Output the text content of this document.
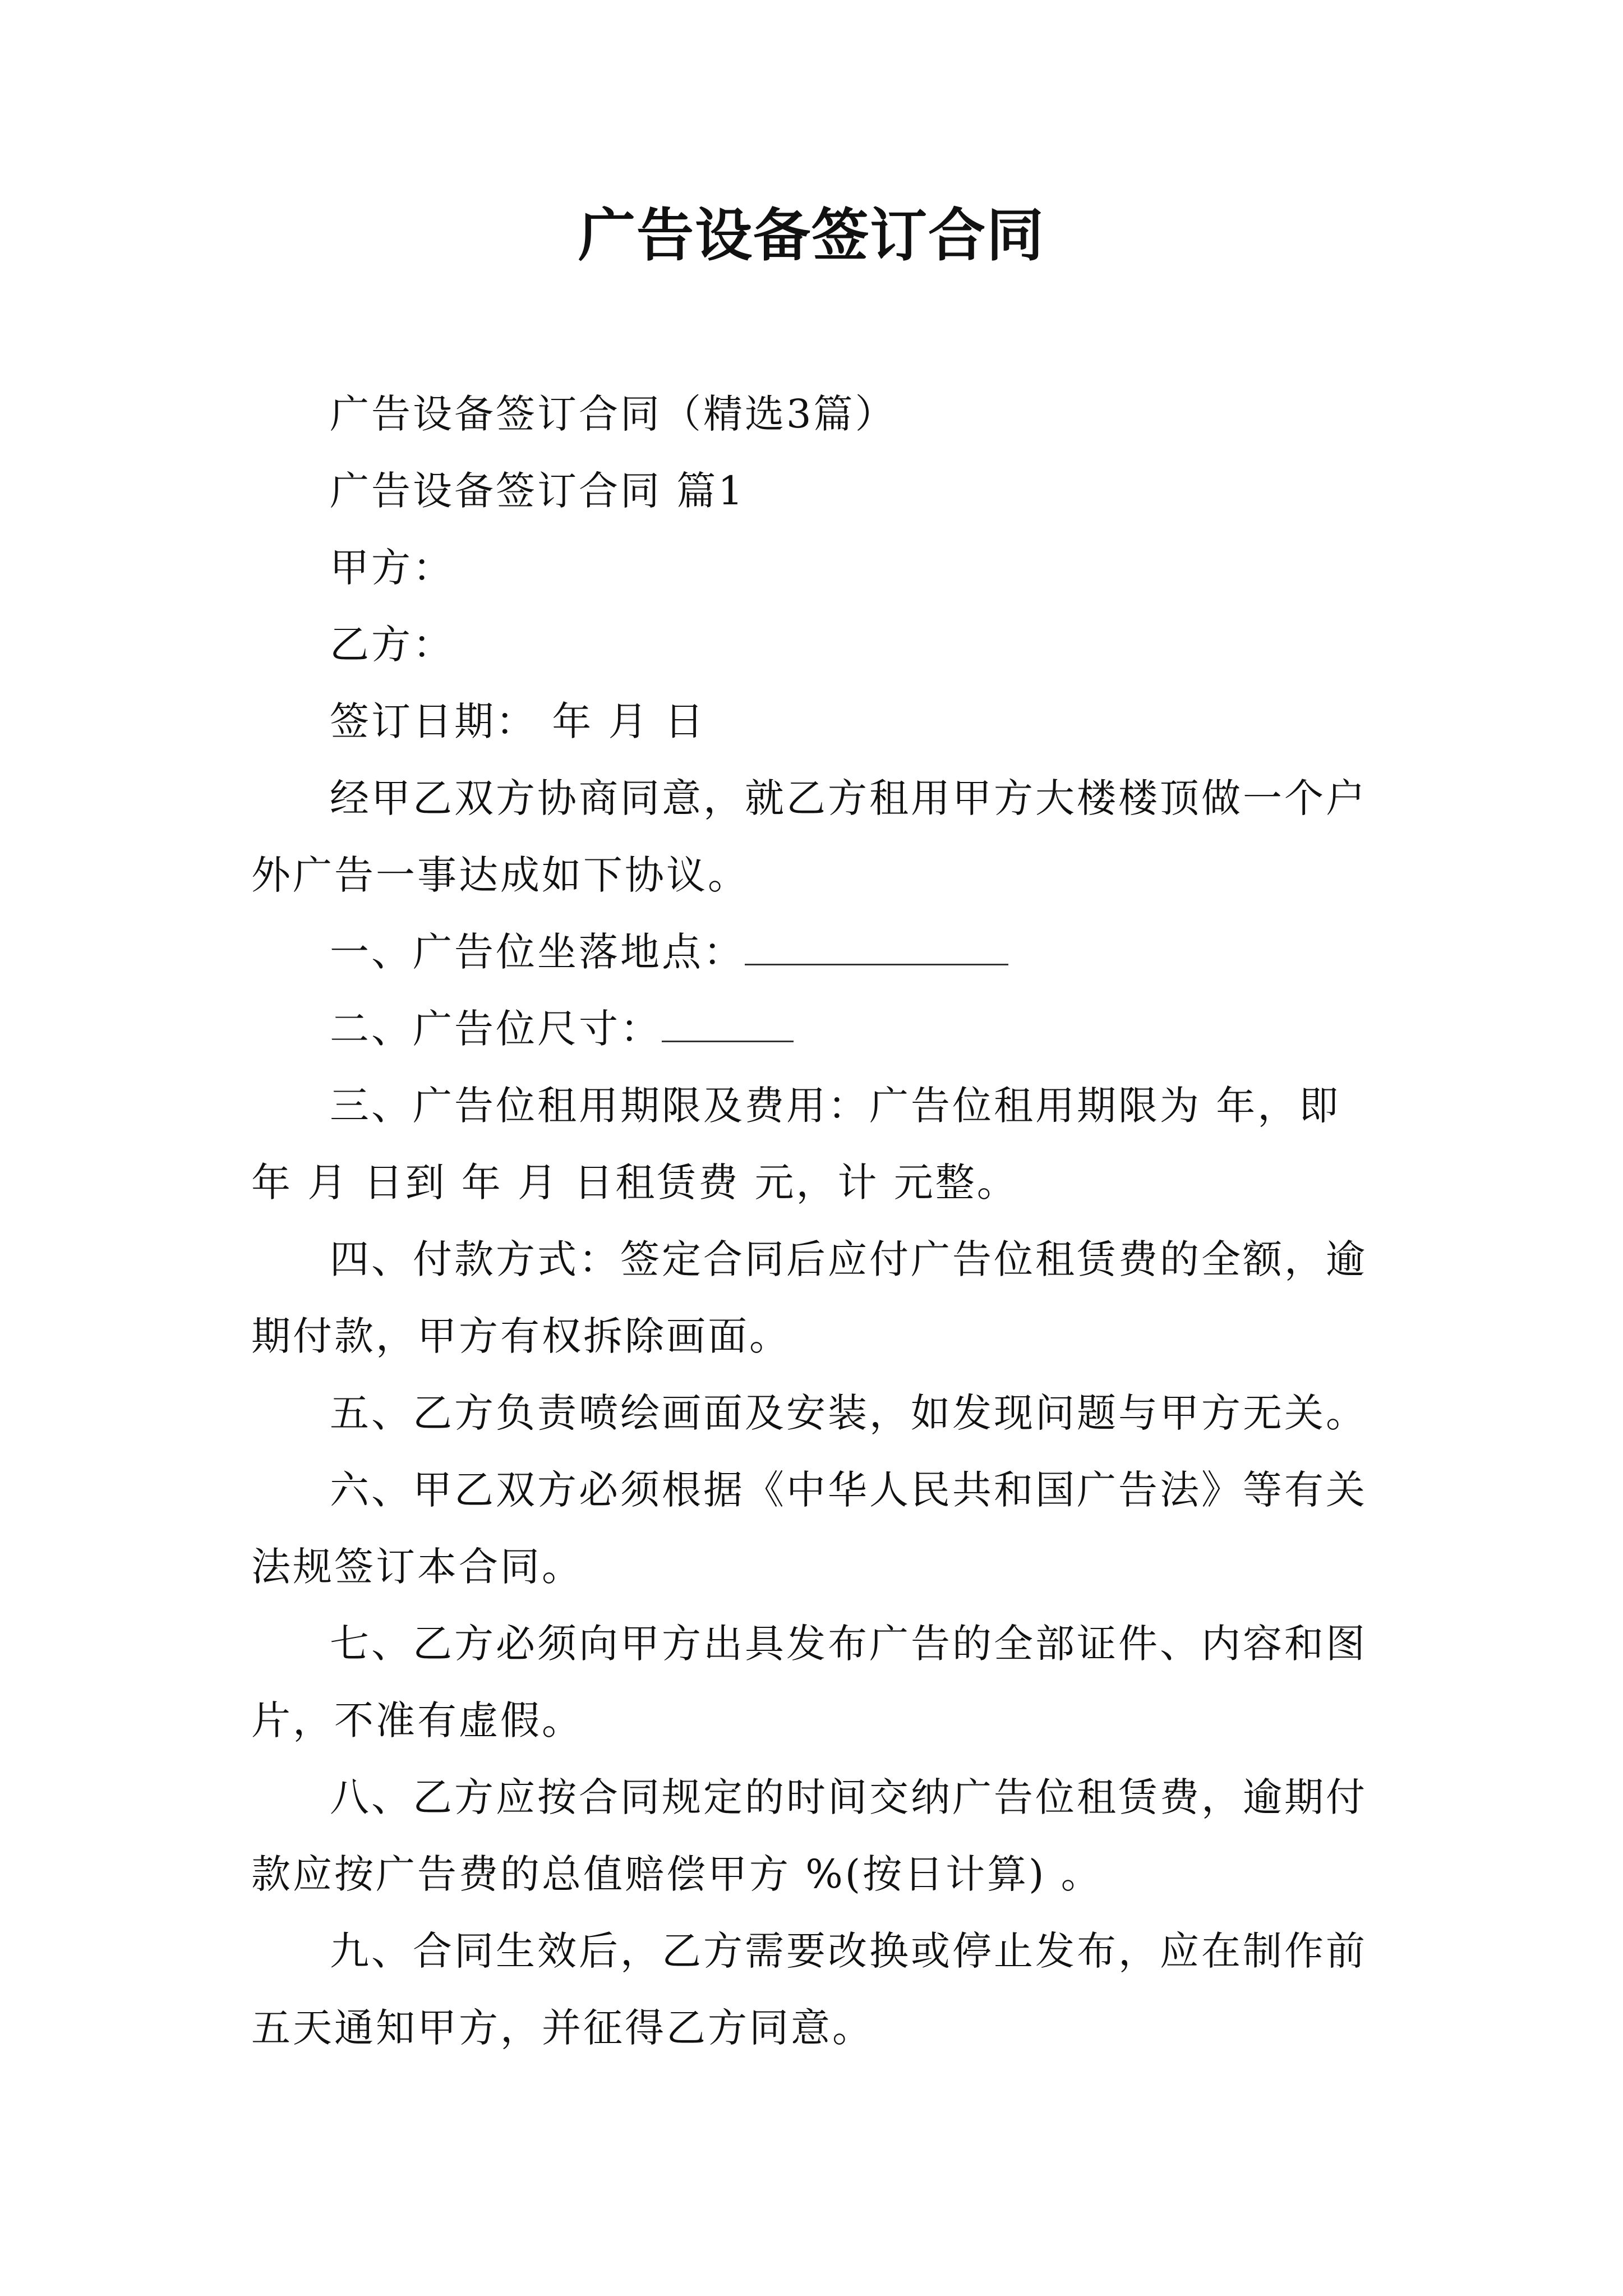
广告设备签订合同

广告设备签订合同（精选3篇）

广告设备签订合同 篇1

甲方：

乙方：

签订日期： 年 月 日

经甲乙双方协商同意，就乙方租用甲方大楼楼顶做一个户外广告一事达成如下协议。

一、广告位坐落地点：

二、广告位尺寸：

三、广告位租用期限及费用：广告位租用期限为 年，即 年 月 日到 年 月 日租赁费 元，计 元整。

四、付款方式：签定合同后应付广告位租赁费的全额，逾期付款，甲方有权拆除画面。

五、乙方负责喷绘画面及安装，如发现问题与甲方无关。

六、甲乙双方必须根据《中华人民共和国广告法》等有关法规签订本合同。

七、乙方必须向甲方出具发布广告的全部证件、内容和图片，不准有虚假。

八、乙方应按合同规定的时间交纳广告位租赁费，逾期付款应按广告费的总值赔偿甲方 %(按日计算) 。

九、合同生效后，乙方需要改换或停止发布，应在制作前五天通知甲方，并征得乙方同意。
